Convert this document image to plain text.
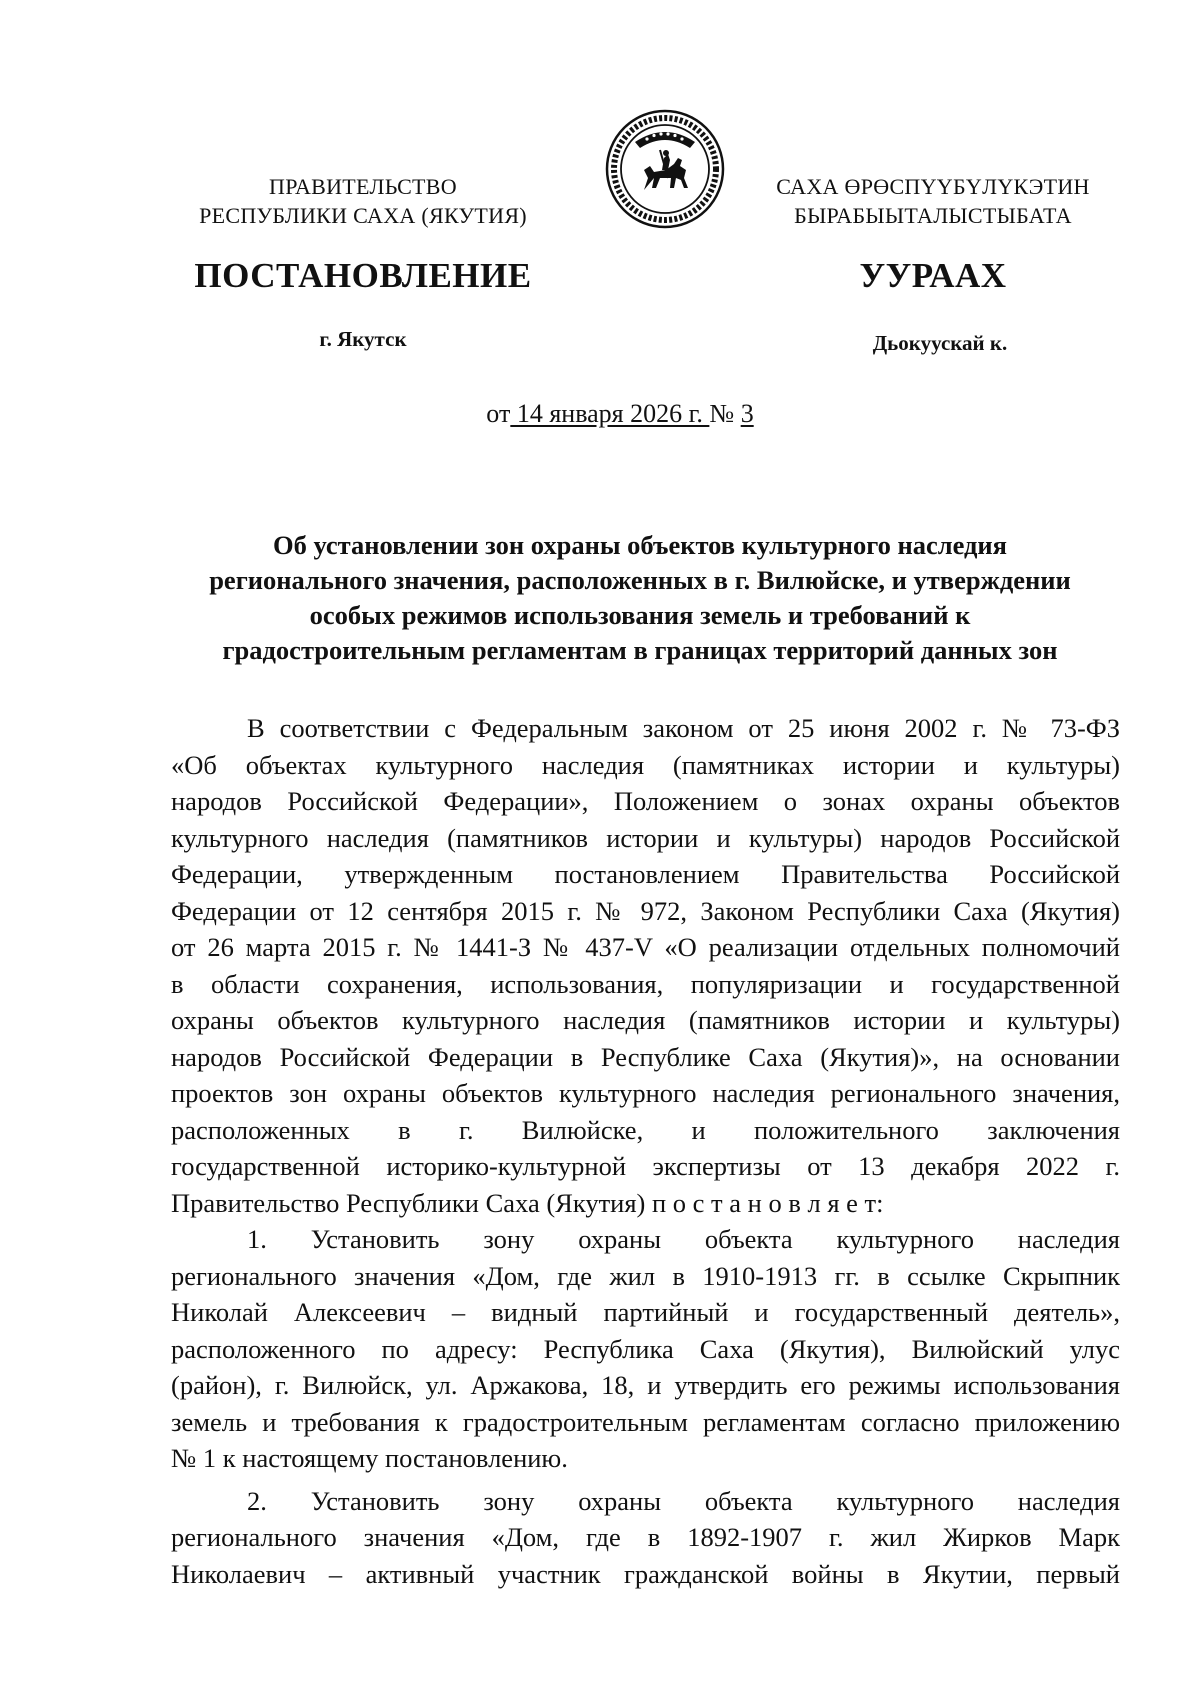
ПРАВИТЕЛЬСТВО
РЕСПУБЛИКИ САХА (ЯКУТИЯ)
САХА ӨРӨСПҮҮБҮЛҮКЭТИН
БЫРАБЫЫТАЛЫСТЫБАТА
ПОСТАНОВЛЕНИЕ	УУРААХ
г. Якутск	Дьокуускай к.
от 14 января 2026 г. № 3
Об установлении зон охраны объектов культурного наследия
регионального значения, расположенных в г. Вилюйске, и утверждении
особых режимов использования земель и требований к
градостроительным регламентам в границах территорий данных зон
В соответствии с Федеральным законом от 25 июня 2002 г. № 73-ФЗ
«Об объектах культурного наследия (памятниках истории и культуры)
народов Российской Федерации», Положением о зонах охраны объектов
культурного наследия (памятников истории и культуры) народов Российской
Федерации, утвержденным постановлением Правительства Российской
Федерации от 12 сентября 2015 г. № 972, Законом Республики Саха (Якутия)
от 26 марта 2015 г. № 1441-З № 437-V «О реализации отдельных полномочий
в области сохранения, использования, популяризации и государственной
охраны объектов культурного наследия (памятников истории и культуры)
народов Российской Федерации в Республике Саха (Якутия)», на основании
проектов зон охраны объектов культурного наследия регионального значения,
расположенных в г. Вилюйске, и положительного заключения
государственной историко-культурной экспертизы от 13 декабря 2022 г.
Правительство Республики Саха (Якутия) п о с т а н о в л я е т:
1. Установить зону охраны объекта культурного наследия
регионального значения «Дом, где жил в 1910-1913 гг. в ссылке Скрыпник
Николай Алексеевич – видный партийный и государственный деятель»,
расположенного по адресу: Республика Саха (Якутия), Вилюйский улус
(район), г. Вилюйск, ул. Аржакова, 18, и утвердить его режимы использования
земель и требования к градостроительным регламентам согласно приложению
№ 1 к настоящему постановлению.
2. Установить зону охраны объекта культурного наследия
регионального значения «Дом, где в 1892-1907 г. жил Жирков Марк
Николаевич – активный участник гражданской войны в Якутии, первый
